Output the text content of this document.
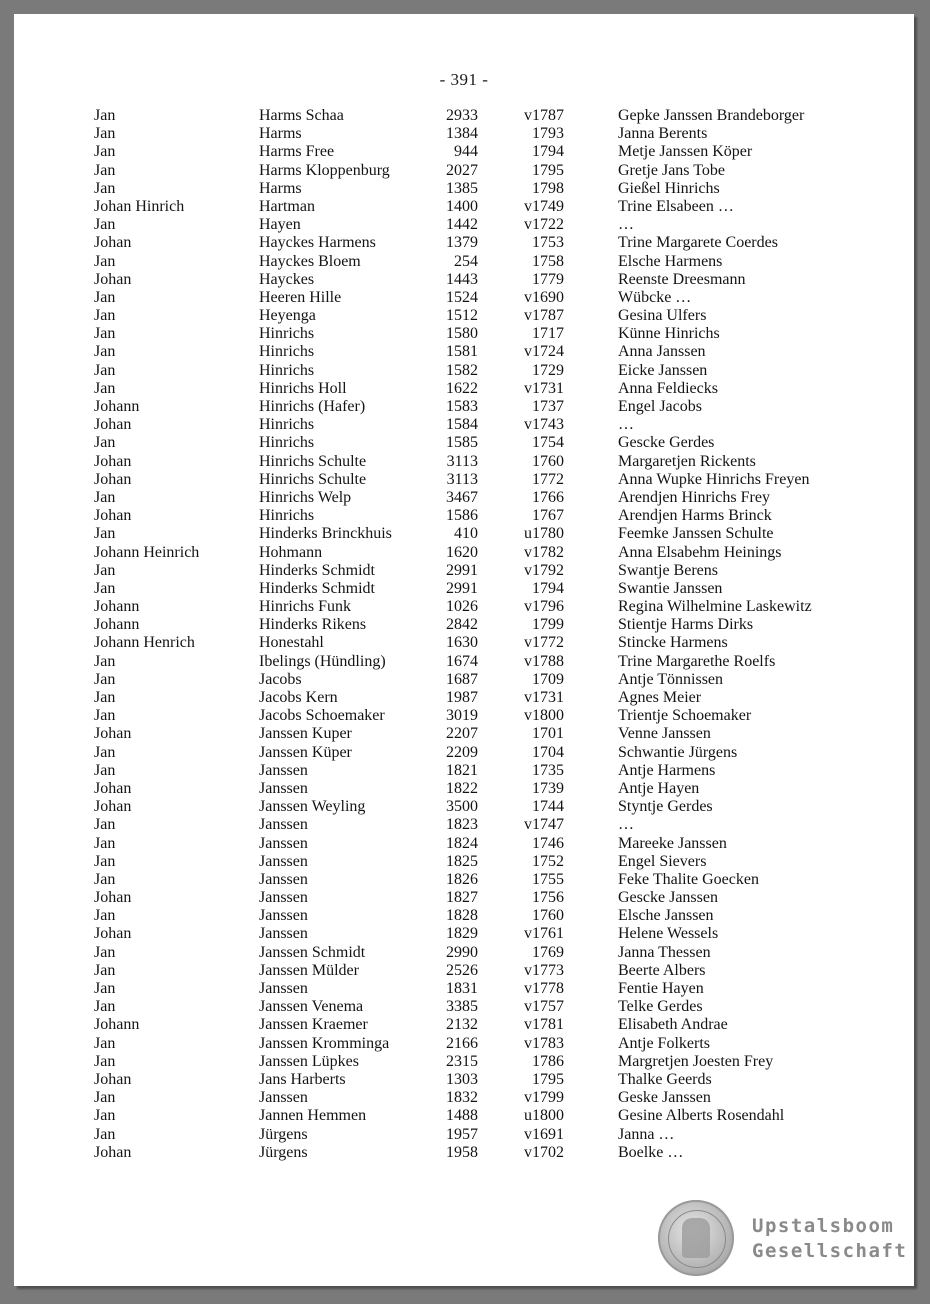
- 391 -
Jan	Harms Schaa	2933	v1787	Gepke Janssen Brandeborger
Jan	Harms	1384	1793	Janna Berents
Jan	Harms Free	944	1794	Metje Janssen Köper
Jan	Harms Kloppenburg	2027	1795	Gretje Jans Tobe
Jan	Harms	1385	1798	Gießel Hinrichs
Johan Hinrich	Hartman	1400	v1749	Trine Elsabeen …
Jan	Hayen	1442	v1722	…
Johan	Hayckes Harmens	1379	1753	Trine Margarete Coerdes
Jan	Hayckes Bloem	254	1758	Elsche Harmens
Johan	Hayckes	1443	1779	Reenste Dreesmann
Jan	Heeren Hille	1524	v1690	Wübcke …
Jan	Heyenga	1512	v1787	Gesina Ulfers
Jan	Hinrichs	1580	1717	Künne Hinrichs
Jan	Hinrichs	1581	v1724	Anna Janssen
Jan	Hinrichs	1582	1729	Eicke Janssen
Jan	Hinrichs Holl	1622	v1731	Anna Feldiecks
Johann	Hinrichs (Hafer)	1583	1737	Engel Jacobs
Johan	Hinrichs	1584	v1743	…
Jan	Hinrichs	1585	1754	Gescke Gerdes
Johan	Hinrichs Schulte	3113	1760	Margaretjen Rickents
Johan	Hinrichs Schulte	3113	1772	Anna Wupke Hinrichs Freyen
Jan	Hinrichs Welp	3467	1766	Arendjen Hinrichs Frey
Johan	Hinrichs	1586	1767	Arendjen Harms Brinck
Jan	Hinderks Brinckhuis	410	u1780	Feemke Janssen Schulte
Johann Heinrich	Hohmann	1620	v1782	Anna Elsabehm Heinings
Jan	Hinderks Schmidt	2991	v1792	Swantje Berens
Jan	Hinderks Schmidt	2991	1794	Swantie Janssen
Johann	Hinrichs Funk	1026	v1796	Regina Wilhelmine Laskewitz
Johann	Hinderks Rikens	2842	1799	Stientje Harms Dirks
Johann Henrich	Honestahl	1630	v1772	Stincke Harmens
Jan	Ibelings (Hündling)	1674	v1788	Trine Margarethe Roelfs
Jan	Jacobs	1687	1709	Antje Tönnissen
Jan	Jacobs Kern	1987	v1731	Agnes Meier
Jan	Jacobs Schoemaker	3019	v1800	Trientje Schoemaker
Johan	Janssen Kuper	2207	1701	Venne Janssen
Jan	Janssen Küper	2209	1704	Schwantie Jürgens
Jan	Janssen	1821	1735	Antje Harmens
Johan	Janssen	1822	1739	Antje Hayen
Johan	Janssen Weyling	3500	1744	Styntje Gerdes
Jan	Janssen	1823	v1747	…
Jan	Janssen	1824	1746	Mareeke Janssen
Jan	Janssen	1825	1752	Engel Sievers
Jan	Janssen	1826	1755	Feke Thalite Goecken
Johan	Janssen	1827	1756	Gescke Janssen
Jan	Janssen	1828	1760	Elsche Janssen
Johan	Janssen	1829	v1761	Helene Wessels
Jan	Janssen Schmidt	2990	1769	Janna Thessen
Jan	Janssen Mülder	2526	v1773	Beerte Albers
Jan	Janssen	1831	v1778	Fentie Hayen
Jan	Janssen Venema	3385	v1757	Telke Gerdes
Johann	Janssen Kraemer	2132	v1781	Elisabeth Andrae
Jan	Janssen Kromminga	2166	v1783	Antje Folkerts
Jan	Janssen Lüpkes	2315	1786	Margretjen Joesten Frey
Johan	Jans Harberts	1303	1795	Thalke Geerds
Jan	Janssen	1832	v1799	Geske Janssen
Jan	Jannen Hemmen	1488	u1800	Gesine Alberts Rosendahl
Jan	Jürgens	1957	v1691	Janna …
Johan	Jürgens	1958	v1702	Boelke …
Upstalsboom
Gesellschaft
